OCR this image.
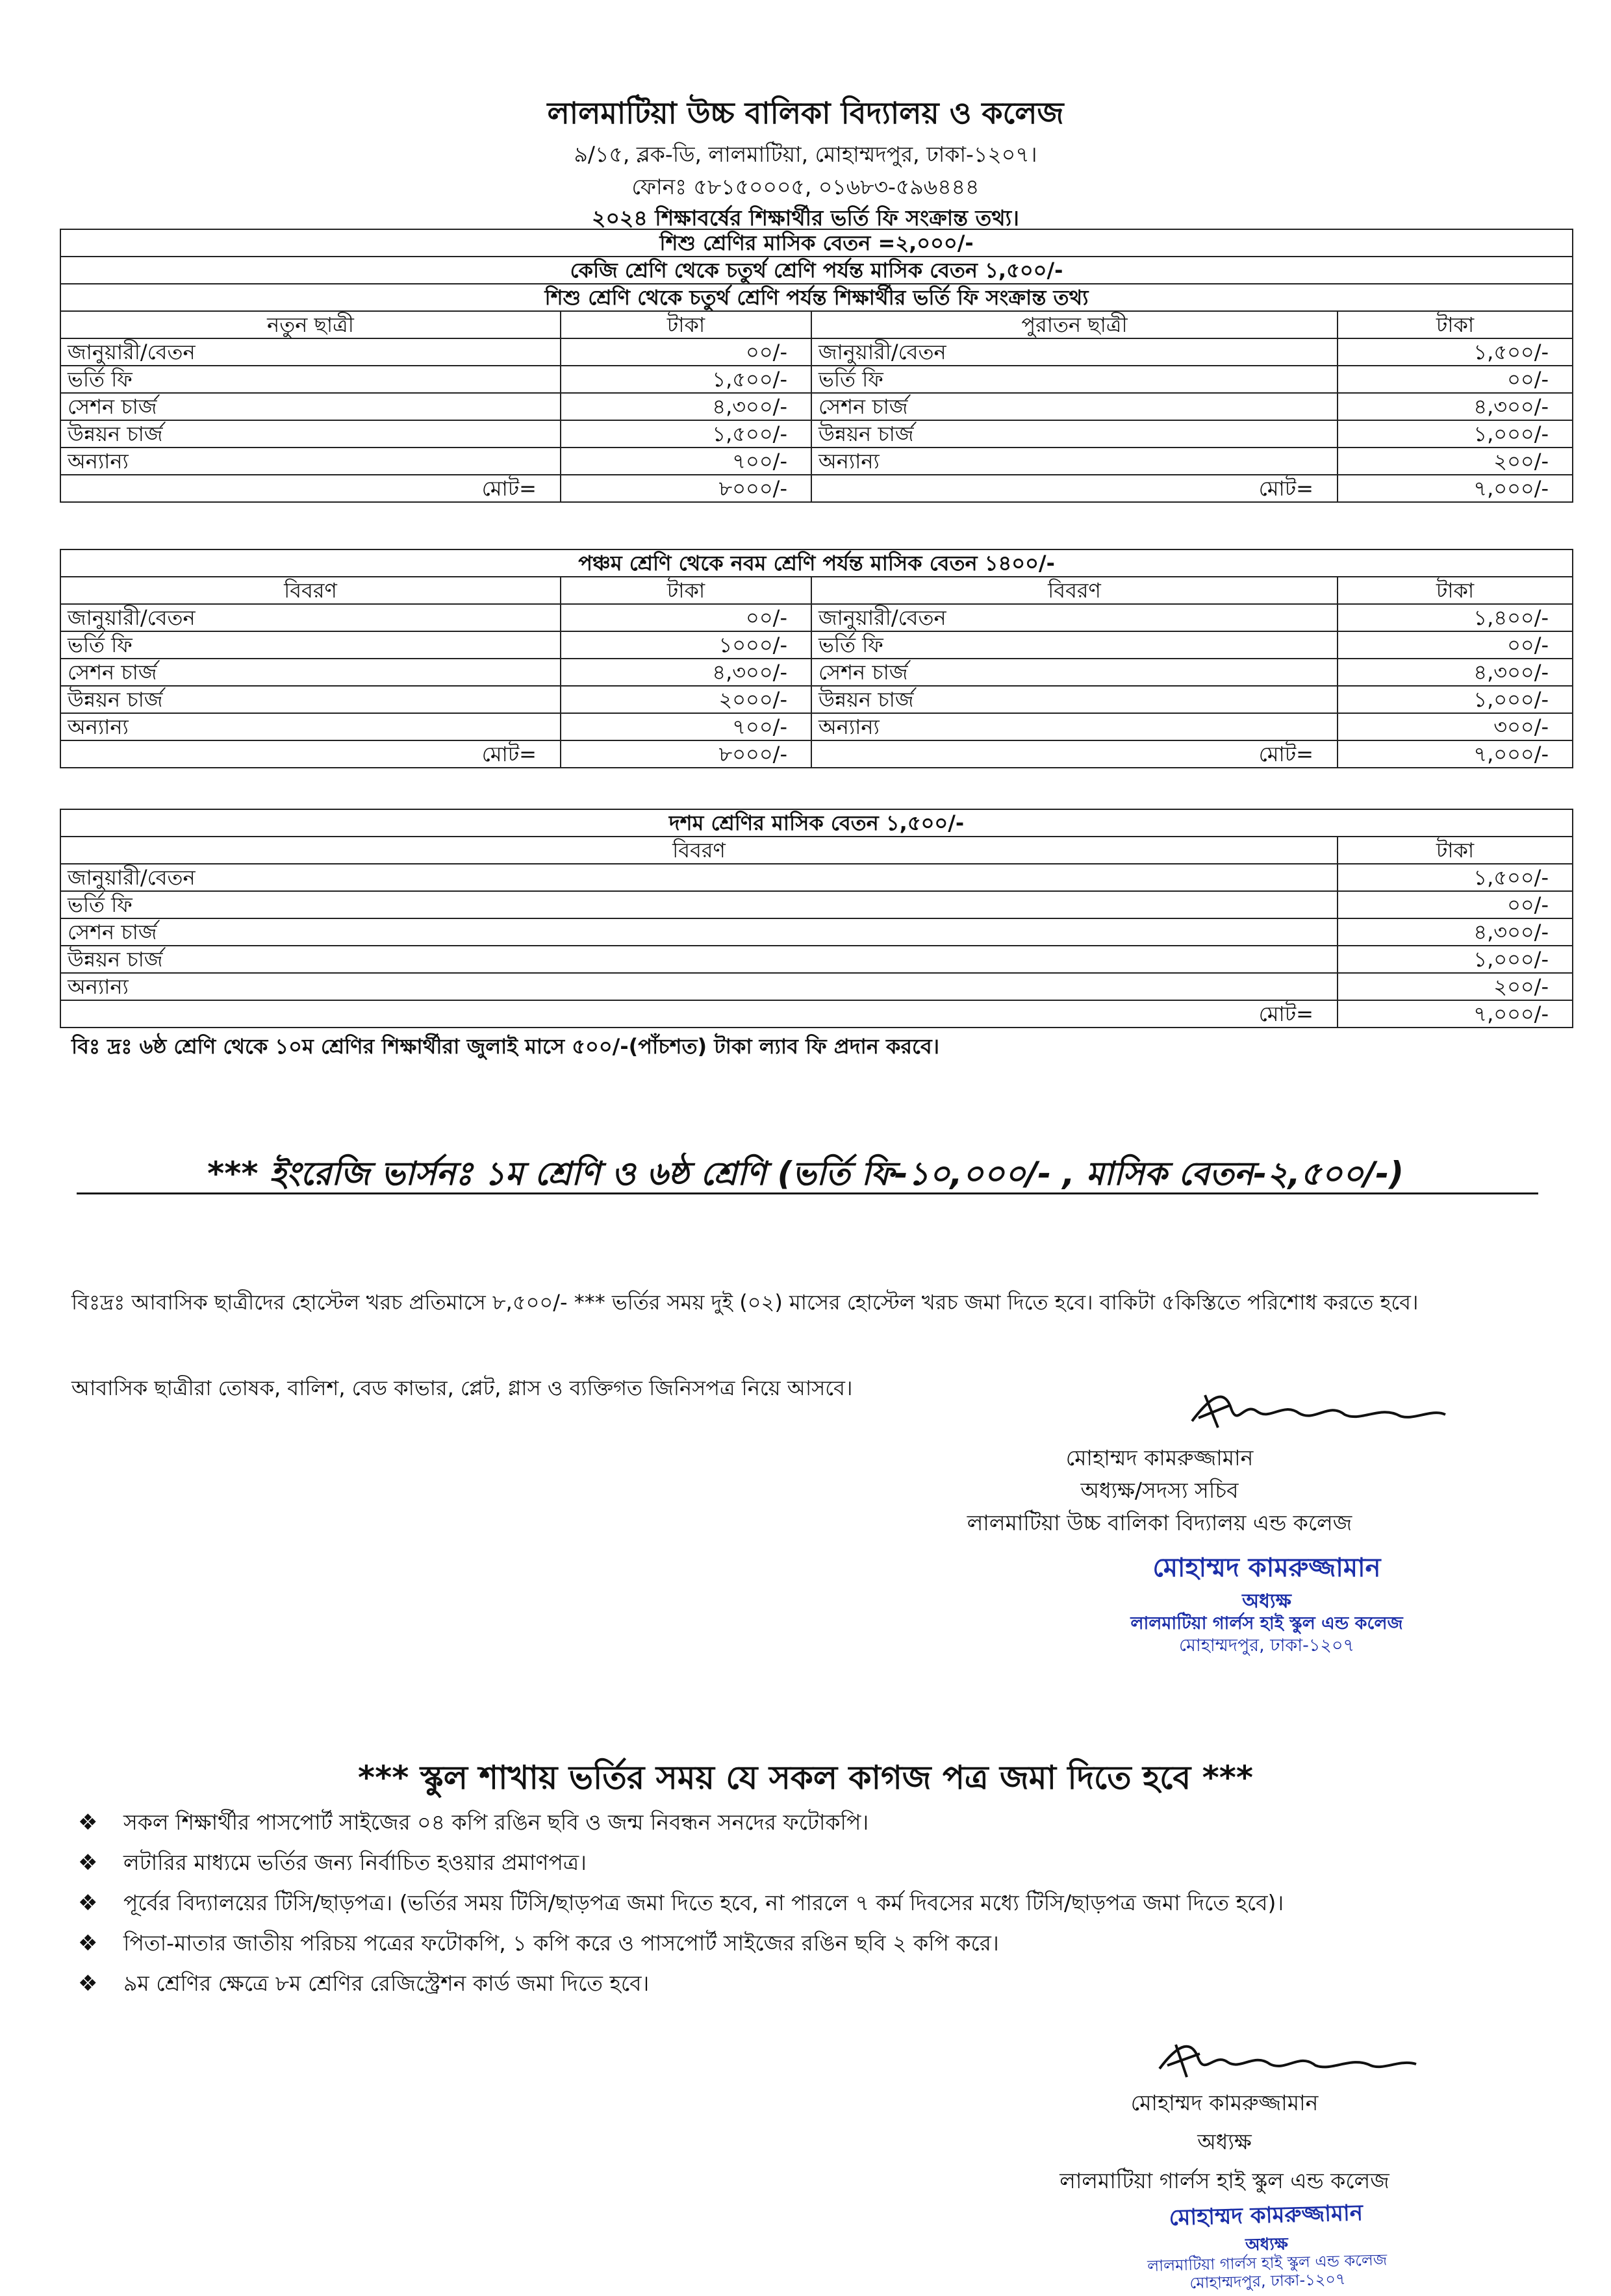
লালমাটিয়া উচ্চ বালিকা বিদ্যালয় ও কলেজ
৯/১৫, ব্লক-ডি, লালমাটিয়া, মোহাম্মদপুর, ঢাকা-১২০৭।
ফোনঃ ৫৮১৫০০০৫, ০১৬৮৩-৫৯৬৪৪৪
২০২৪ শিক্ষাবর্ষের শিক্ষার্থীর ভর্তি ফি সংক্রান্ত তথ্য।
শিশু শ্রেণির মাসিক বেতন =২,০০০/-			
কেজি শ্রেণি থেকে চতুর্থ শ্রেণি পর্যন্ত মাসিক বেতন ১,৫০০/-			
শিশু শ্রেণি থেকে চতুর্থ শ্রেণি পর্যন্ত শিক্ষার্থীর ভর্তি ফি সংক্রান্ত তথ্য			
নতুন ছাত্রী	টাকা	পুরাতন ছাত্রী	টাকা
জানুয়ারী/বেতন	০০/-	জানুয়ারী/বেতন	১,৫০০/-
ভর্তি ফি	১,৫০০/-	ভর্তি ফি	০০/-
সেশন চার্জ	৪,৩০০/-	সেশন চার্জ	৪,৩০০/-
উন্নয়ন চার্জ	১,৫০০/-	উন্নয়ন চার্জ	১,০০০/-
অন্যান্য	৭০০/-	অন্যান্য	২০০/-
মোট=	৮০০০/-	মোট=	৭,০০০/-
পঞ্চম শ্রেণি থেকে নবম শ্রেণি পর্যন্ত মাসিক বেতন ১৪০০/-			
বিবরণ	টাকা	বিবরণ	টাকা
জানুয়ারী/বেতন	০০/-	জানুয়ারী/বেতন	১,৪০০/-
ভর্তি ফি	১০০০/-	ভর্তি ফি	০০/-
সেশন চার্জ	৪,৩০০/-	সেশন চার্জ	৪,৩০০/-
উন্নয়ন চার্জ	২০০০/-	উন্নয়ন চার্জ	১,০০০/-
অন্যান্য	৭০০/-	অন্যান্য	৩০০/-
মোট=	৮০০০/-	মোট=	৭,০০০/-
দশম শ্রেণির মাসিক বেতন ১,৫০০/-	
বিবরণ	টাকা
জানুয়ারী/বেতন	১,৫০০/-
ভর্তি ফি	০০/-
সেশন চার্জ	৪,৩০০/-
উন্নয়ন চার্জ	১,০০০/-
অন্যান্য	২০০/-
মোট=	৭,০০০/-
বিঃ দ্রঃ ৬ষ্ঠ শ্রেণি থেকে ১০ম শ্রেণির শিক্ষার্থীরা জুলাই মাসে ৫০০/-(পাঁচশত) টাকা ল্যাব ফি প্রদান করবে।
*** ইংরেজি ভার্সনঃ ১ম শ্রেণি ও ৬ষ্ঠ শ্রেণি (ভর্তি ফি-১০,০০০/- , মাসিক বেতন-২,৫০০/-)
বিঃদ্রঃ আবাসিক ছাত্রীদের হোস্টেল খরচ প্রতিমাসে ৮,৫০০/- *** ভর্তির সময় দুই (০২) মাসের হোস্টেল খরচ জমা দিতে হবে। বাকিটা ৫কিস্তিতে পরিশোধ করতে হবে।
আবাসিক ছাত্রীরা তোষক, বালিশ, বেড কাভার, প্লেট, গ্লাস ও ব্যক্তিগত জিনিসপত্র নিয়ে আসবে।
মোহাম্মদ কামরুজ্জামান
অধ্যক্ষ/সদস্য সচিব
লালমাটিয়া উচ্চ বালিকা বিদ্যালয় এন্ড কলেজ
মোহাম্মদ কামরুজ্জামান
অধ্যক্ষ
লালমাটিয়া গার্লস হাই স্কুল এন্ড কলেজ
মোহাম্মদপুর, ঢাকা-১২০৭
*** স্কুল শাখায় ভর্তির সময় যে সকল কাগজ পত্র জমা দিতে হবে ***
❖ সকল শিক্ষার্থীর পাসপোর্ট সাইজের ০৪ কপি রঙিন ছবি ও জন্ম নিবন্ধন সনদের ফটোকপি।
❖ লটারির মাধ্যমে ভর্তির জন্য নির্বাচিত হওয়ার প্রমাণপত্র।
❖ পূর্বের বিদ্যালয়ের টিসি/ছাড়পত্র। (ভর্তির সময় টিসি/ছাড়পত্র জমা দিতে হবে, না পারলে ৭ কর্ম দিবসের মধ্যে টিসি/ছাড়পত্র জমা দিতে হবে)।
❖ পিতা-মাতার জাতীয় পরিচয় পত্রের ফটোকপি, ১ কপি করে ও পাসপোর্ট সাইজের রঙিন ছবি ২ কপি করে।
❖ ৯ম শ্রেণির ক্ষেত্রে ৮ম শ্রেণির রেজিস্ট্রেশন কার্ড জমা দিতে হবে।
মোহাম্মদ কামরুজ্জামান
অধ্যক্ষ
লালমাটিয়া গার্লস হাই স্কুল এন্ড কলেজ
মোহাম্মদ কামরুজ্জামান
অধ্যক্ষ
লালমাটিয়া গার্লস হাই স্কুল এন্ড কলেজ
মোহাম্মদপুর, ঢাকা-১২০৭
